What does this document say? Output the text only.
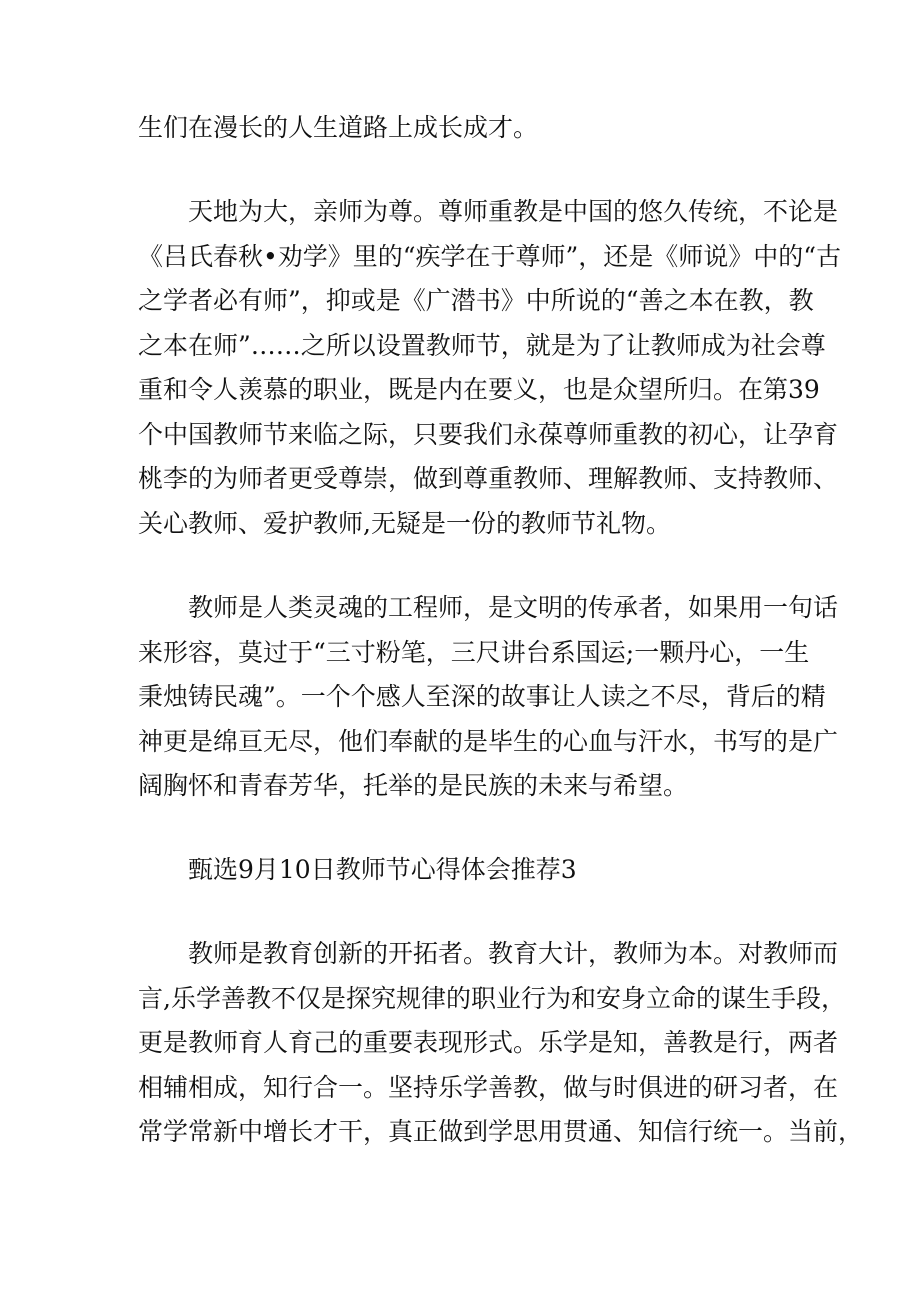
生们在漫长的人生道路上成长成才。
天地为大，亲师为尊。尊师重教是中国的悠久传统，不论是
《吕氏春秋•劝学》里的“疾学在于尊师”，还是《师说》中的“古
之学者必有师”，抑或是《广潜书》中所说的“善之本在教，教
之本在师”……之所以设置教师节，就是为了让教师成为社会尊
重和令人羡慕的职业，既是内在要义，也是众望所归。在第39
个中国教师节来临之际，只要我们永葆尊师重教的初心，让孕育
桃李的为师者更受尊崇，做到尊重教师、理解教师、支持教师、
关心教师、爱护教师,无疑是一份的教师节礼物。
教师是人类灵魂的工程师，是文明的传承者，如果用一句话
来形容，莫过于“三寸粉笔，三尺讲台系国运;一颗丹心，一生
秉烛铸民魂”。一个个感人至深的故事让人读之不尽，背后的精
神更是绵亘无尽，他们奉献的是毕生的心血与汗水，书写的是广
阔胸怀和青春芳华，托举的是民族的未来与希望。
甄选9月10日教师节心得体会推荐3
教师是教育创新的开拓者。教育大计，教师为本。对教师而
言,乐学善教不仅是探究规律的职业行为和安身立命的谋生手段，
更是教师育人育己的重要表现形式。乐学是知，善教是行，两者
相辅相成，知行合一。坚持乐学善教，做与时俱进的研习者，在
常学常新中增长才干，真正做到学思用贯通、知信行统一。当前，
